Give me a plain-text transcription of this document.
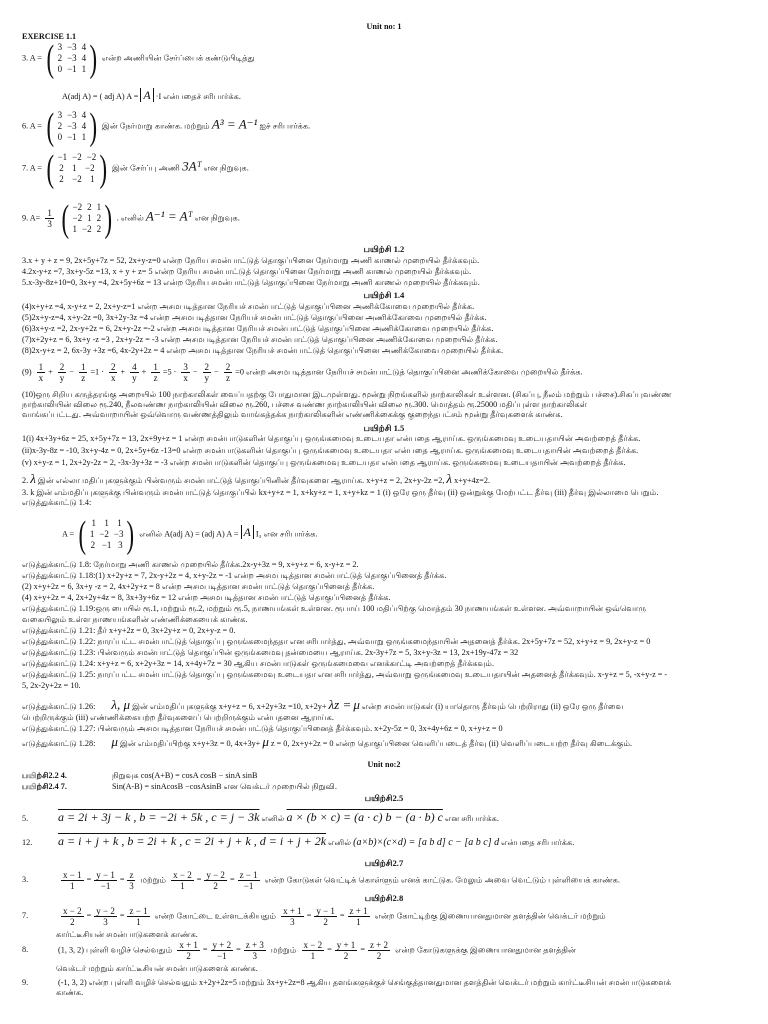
Unit no: 1
EXERCISE 1.1
3. A = ( 3 −3 4
2 −3 4
0 −1 1 ) என்ற அணியின் சேர்ப்பைக் கண்டுபிடித்து
A(adj A) = ( adj A) A = A ·I என்பதைச் சரிபார்க்க.
6. A = ( 3 −3 4
2 −3 4
0 −1 1 ) இன் நேர்மாறு காண்க. மற்றும் A³ = A⁻¹ ஐச் சரிபார்க்க.
7. A = ( −1 −2 −2
2 1 −2
2 −2 1 ) இன் சேர்ப்பு அணி 3Aᵀ என நிறுவுக.
9. $A= \frac{1}{3}$
( −2 2 1
−2 1 2
1 −2 2 ) . எனில் A⁻¹ = Aᵀ என நிறுவுக.
பயிற்சி 1.2
3.x + y + z = 9, 2x+5y+7z = 52, 2x+y-z=0 என்ற நேரிய சமன்பாட்டுத் தொகுப்பினை நேர்மாறு அணி காணல் முறையில் தீர்க்கவும்.
4.2x-y+z =7, 3x+y-5z =13, x + y + z= 5 என்ற நேரிய சமன்பாட்டுத் தொகுப்பினை நேர்மாறு அணி காணல் முறையில் தீர்க்கவும்.
5.x-3y-8z+10=0, 3x+y =4, 2x+5y+6z = 13 என்ற நேரிய சமன்பாட்டுத் தொகுப்பினை நேர்மாறு அணி காணல் முறையில் தீர்க்கவும்.
பயிற்சி 1.4
(4)x+y+z =4, x-y+z = 2, 2x+y-z=1 என்ற அசமபடித்தான நேரியச் சமன்பாட்டுத் தொகுப்பினை அணிக்கோவை முறையில் தீர்க்க.
(5)2x+y-z=4, x+y-2z =0, 3x+2y-3z =4 என்ற அசமபடித்தான நேரியச் சமன்பாட்டுத் தொகுப்பினை அணிக்கோவை முறையில் தீர்க்க.
(6)3x+y-z =2, 2x-y+2z = 6, 2x+y-2z =-2 என்ற அசமபடித்தான நேரியச் சமன்பாட்டுத் தொகுப்பினை அணிக்கோவை முறையில் தீர்க்க.
(7)x+2y+z = 6, 3x+y -z =3 , 2x+y-2z = -3 என்ற அசமபடித்தான நேரியச் சமன்பாட்டுத் தொகுப்பினை அணிக்கோவை முறையில் தீர்க்க.
(8)2x-y+z = 2, 6x-3y +3z =6, 4x-2y+2z = 4 என்ற அசமபடித்தான நேரியச் சமன்பாட்டுத் தொகுப்பினை அணிக்கோவை முறையில் தீர்க்க.
$(9) \frac{1}{x} + \frac{2}{y} - \frac{1}{z} =1 \cdot \frac{2}{x} + \frac{4}{y} + \frac{1}{z} =5 \cdot \frac{3}{x} - \frac{2}{y} - \frac{2}{z} =0$ என்ற அசமபடித்தான நேரியச் சமன்பாட்டுத் தொகுப்பினை அணிக்கோவை முறையில் தீர்க்க.
(10)ஒரு சிறிய கருத்தரங்கு அறையில் 100 நாற்காலிகள் வைப்பதற்கு போதுமான இடமுள்ளது. மூன்று நிறங்களில் நாற்காலிகள் உள்ளன. (சிகப்பு, நீலம் மற்றும் பச்சை).சிகப்புவண்ண
நாற்காலியின் விலை ரூ.240, நீலவண்ண நாற்காலியின் விலை ரூ.260, பச்சை வண்ண நாற்காலியின் விலை ரூ.300. மொத்தம் ரூ.25000 மதிப்புள்ள நாற்காலிகள்
வாங்கப்பட்டது. அவ்வாறாயின் ஒவ்வொரு வண்ணத்திலும் வாங்கத்தக்க நாற்காலிகளின் எண்ணிக்கைக்கு குறைந்தபட்சம் மூன்று தீர்வுகளைக் காண்க.
பயிற்சி 1.5
1(i) 4x+3y+6z = 25, x+5y+7z = 13, 2x+9y+z = 1 என்ற சமன்பாடுகளின் தொகுப்பு ஒருங்கமைவு உடையதா என்பதை ஆராய்க. ஒருங்கமைவு உடையதாயின் அவற்றைத் தீர்க்க.
(ii)x-3y-8z = -10, 3x+y-4z = 0, 2x+5y+6z -13=0 என்ற சமன்பாடுகளின் தொகுப்பு ஒருங்கமைவு உடையதா என்பதை ஆராய்க. ஒருங்கமைவு உடையதாயின் அவற்றைத் தீர்க்க.
(v) x+y-z = 1, 2x+2y-2z = 2, -3x-3y+3z = -3 என்ற சமன்பாடுகளின் தொகுப்பு ஒருங்கமைவு உடையதா என்பதை ஆராய்க. ஒருங்கமைவு உடையதாயின் அவற்றைத் தீர்க்க.
2. λ இன் எல்லா மதிப்புகளுக்கும் பின்வரும் சமன்பாட்டுத் தொகுப்பினின் தீர்வுகளை ஆராய்க. x+y+z = 2, 2x+y-2z =2, λ x+y+4z=2.
3. k இன் எம்மதிப்புகளுக்கு பின்வரும் சமன்பாட்டுத் தொகுப்பில் kx+y+z = 1, x+ky+z = 1, x+y+kz = 1 (i) ஒரே ஒரு தீர்வு (ii) ஒன்றுக்கு மேற்பட்ட தீர்வு (iii) தீர்வு இல்லாமை பெறும்.
எடுத்துக்காட்டு 1.4:
A = ( 1 1 1
1 −2 −3
2 −1 3 ) எனில் A(adj A) = (adj A) A = A I₃ என சரிபார்க்க.
எடுத்துக்காட்டு 1.8: நேர்மாறு அணி காணல் முறையில் தீர்க்க.2x-y+3z = 9, x+y+z = 6, x-y+z = 2.
எடுத்துக்காட்டு 1.18:(1) x+2y+z = 7, 2x-y+2z = 4, x+y-2z = -1 என்ற அசமபடித்தான சமன்பாட்டுத் தொகுப்பினைத் தீர்க்க.
(2) x+y+2z = 6, 3x+y -z = 2, 4x+2y+z = 8 என்ற அசமபடித்தான சமன்பாட்டுத் தொகுப்பினைத் தீர்க்க.
(4) x+y+2z = 4, 2x+2y+4z = 8, 3x+3y+6z = 12 என்ற அசமபடித்தான சமன்பாட்டுத் தொகுப்பினைத் தீர்க்க.
எடுத்துக்காட்டு 1.19:ஒரு பையில் ரூ.1, மற்றும் ரூ.2, மற்றும் ரூ.5, நாணயங்கள் உள்ளன. ரூபாய் 100 மதிப்பிற்கு மொத்தம் 30 நாணயங்கள் உள்ளன. அவ்வாறாயின் ஒவ்வொரு
வகையிலும் உள்ள நாணயங்களின் எண்ணிக்கையைக் காண்க.
எடுத்துக்காட்டு 1.21: தீர் x+y+2z = 0, 3x+2y+z = 0, 2x+y-z = 0.
எடுத்துக்காட்டு 1.22: நாரப்பட்ட சமன்பாட்டுத் தொகுப்பு ஒருங்கமைந்ததா என சரிபார்த்து, அவ்வாறு ஒருங்கமைந்தாயின் அதனைத் தீர்க்க. 2x+5y+7z = 52, x+y+z = 9, 2x+y-z = 0
எடுத்துக்காட்டு 1.23: பின்வரும் சமன்பாட்டுத் தொகுப்பின் ஒருங்கமைவு தன்மையை ஆராய்க. 2x-3y+7z = 5, 3x+y-3z = 13, 2x+19y-47z = 32
எடுத்துக்காட்டு 1.24: x+y+z = 6, x+2y+3z = 14, x+4y+7z = 30 ஆகிய சமன்பாடுகள் ஒருங்கமைவை எனக்காட்டி அவற்றைத் தீர்க்கவும்.
எடுத்துக்காட்டு 1.25: நாரப்பட்ட சமன்பாட்டுத் தொகுப்பு ஒருங்கமைவு உடையதா என சரிபார்த்து, அவ்வாறு ஒருங்கமைவு உடையதாயின் அதனைத் தீர்க்கவும். x-y+z = 5, -x+y-z = -
5, 2x-2y+2z = 10.
எடுத்துக்காட்டு 1.26: λ, μ இன் எம்மதிப்புகளுக்கு x+y+z = 6, x+2y+3z =10, x+2y+ λz = μ என்ற சமன்பாடுகள் (i) யாதொரு தீர்வும் பெற்றிராது (ii) ஒரே ஒரு தீர்வை
பெற்றிருக்கும் (iii) எண்ணிக்கையற்ற தீர்வுகளைப் பெற்றிருக்கும் என்பதனை ஆராய்க.
எடுத்துக்காட்டு 1.27: பின்வரும் அசமபடித்தான நேரியச் சமன்பாட்டுத் தொகுப்பினைத் தீர்க்கவும். x+2y-5z = 0, 3x+4y+6z = 0, x+y+z = 0
எடுத்துக்காட்டு 1.28: μ இன் எம்மதிப்பிற்கு x+y+3z = 0, 4x+3y+ μ z = 0, 2x+y+2z = 0 என்ற தொகுப்பினை வெளிப்படைத் தீர்வு (ii) வெளிப்படையற்ற தீர்வு கிடைக்கும்.
Unit no:2
பயிற்சி2.2 4.	நிறுவுக cos(A+B) = cosA cosB − sinA sinB
பயிற்சி2.4 7.	Sin(A-B) = sinAcosB −cosAsinB என வெக்டர் முறையில் நிறுவி.
பயிற்சி2.5
5. a = 2i + 3j − k , b = −2i + 5k , c = j − 3k எனில் a × (b × c) = (a · c) b − (a · b) c என சரிபார்க்க.
12. a = i + j + k , b = 2i + k , c = 2i + j + k , d = i + j + 2k எனில் (a×b)×(c×d) = [a b d] c − [a b c] d என்பதை சரிபார்க்க.
பயிற்சி2.7
3.	$\frac{x - 1}{1} = \frac{y - 1}{-1} = \frac{z}{3}$ மற்றும் $\frac{x - 2}{1} = \frac{y - 2}{2} = \frac{z - 1}{-1}$ என்ற கோடுகள் வெட்டிக் கொள்ளும் எனக் காட்டுக. மேலும் அவை வெட்டும் புள்ளியைக் காண்க.
பயிற்சி2.8
7.	$\frac{x - 2}{2} = \frac{y - 2}{3} = \frac{z - 1}{1}$ என்ற கோட்டை உள்ளடக்கியதும் $\frac{x + 1}{3} = \frac{y - 1}{2} = \frac{z + 1}{1}$ என்ற கோட்டிற்கு இணையானதுமான தளத்தின் வெக்டர் மற்றும்
கார்ட்டீசியன் சமன்பாடுகளைக் காண்க.
8.	(1, 3, 2) புள்ளி வழிச் செல்வதும் $\frac{x + 1}{2} = \frac{y + 2}{-1} = \frac{z + 3}{3}$ மற்றும் $\frac{x - 2}{1} = \frac{y + 1}{2} = \frac{z + 2}{2}$ என்ற கோடுகளுக்கு இணையானதுமான தளத்தின்
வெக்டர் மற்றும் கார்ட்டீசியன் சமன்பாடுகளைக் காண்க.
9.	(-1, 3, 2) என்ற புள்ளி வழிச் செல்வதும் x+2y+2z=5 மற்றும் 3x+y+2z=8 ஆகிய தளங்களுக்குச் செங்குத்தானதுமான தளத்தின் வெக்டர் மற்றும் கார்ட்டீசியன் சமன்பாடுகளைக்
காண்க.
